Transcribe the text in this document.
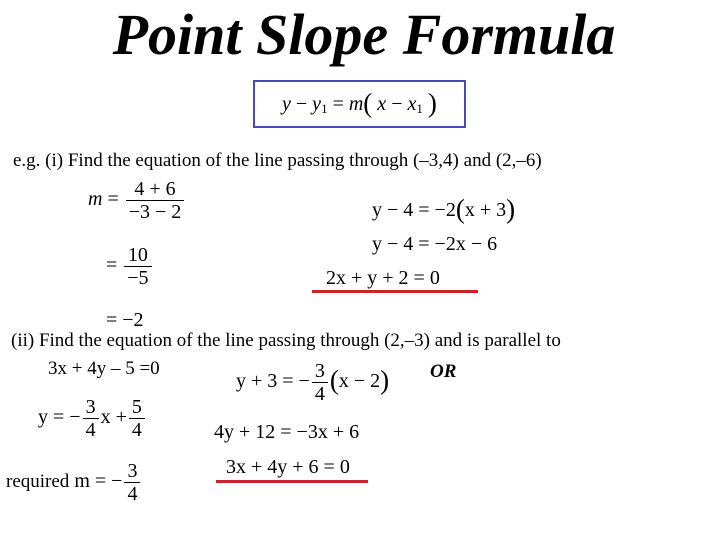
Point Slope Formula
$y - y_1 = m$( $x - x_1$ )
e.g. (i) Find the equation of the line passing through (–3,4) and (2,–6)
$m = \frac{4 + 6}{-3 - 2}$
= $\frac{10}{-5}$
= −2
y − 4 = −2(x + 3)
y − 4 = −2x − 6
2x + y + 2 = 0
(ii) Find the equation of the line passing through (2,–3) and is parallel to
3x + 4y – 5 =0	OR
y = − $\frac{3}{4}$ $x + \frac{5}{4}$
required m = − $\frac{3}{4}$
y + 3 = − $\frac{3}{4} (x - 2)$
4y + 12 = −3x + 6
3x + 4y + 6 = 0
